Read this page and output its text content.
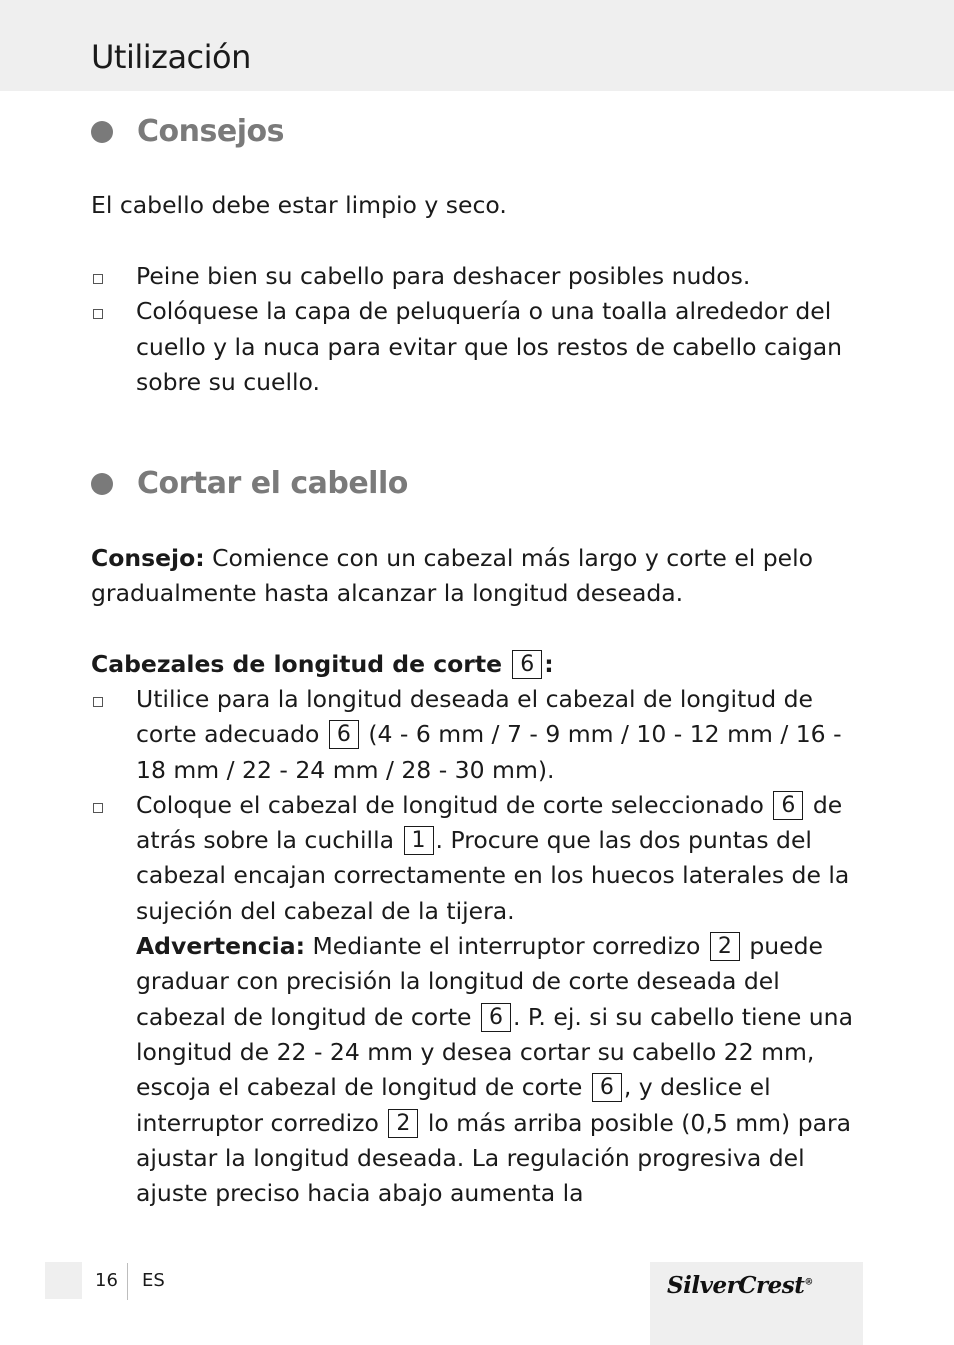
Utilización
Consejos

El cabello debe estar limpio y seco.

Peine bien su cabello para deshacer posibles nudos.
Colóquese la capa de peluquería o una toalla alrededor del cuello y la nuca para evitar que los restos de cabello caigan sobre su cuello.
Cortar el cabello

Consejo: Comience con un cabezal más largo y corte el pelo gradualmente hasta alcanzar la longitud deseada.

Cabezales de longitud de corte 6 :

Utilice para la longitud deseada el cabezal de longitud de corte adecuado 6 (4 - 6 mm / 7 - 9 mm / 10 - 12 mm / 16 - 18 mm / 22 - 24 mm / 28 - 30 mm).
Coloque el cabezal de longitud de corte seleccionado 6 de atrás sobre la cuchilla 1 . Procure que las dos puntas del cabezal encajan correctamente en los huecos laterales de la sujeción del cabezal de la tijera.
Advertencia: Mediante el interruptor corredizo 2 puede graduar con precisión la longitud de corte deseada del cabezal de longitud de corte 6 . P. ej. si su cabello tiene una longitud de 22 - 24 mm y desea cortar su cabello 22 mm, escoja el cabezal de longitud de corte 6 , y deslice el interruptor corredizo 2 lo más arriba posible (0,5 mm) para ajustar la longitud deseada. La regulación progresiva del ajuste preciso hacia abajo aumenta la
16 ES	SilverCrest®
